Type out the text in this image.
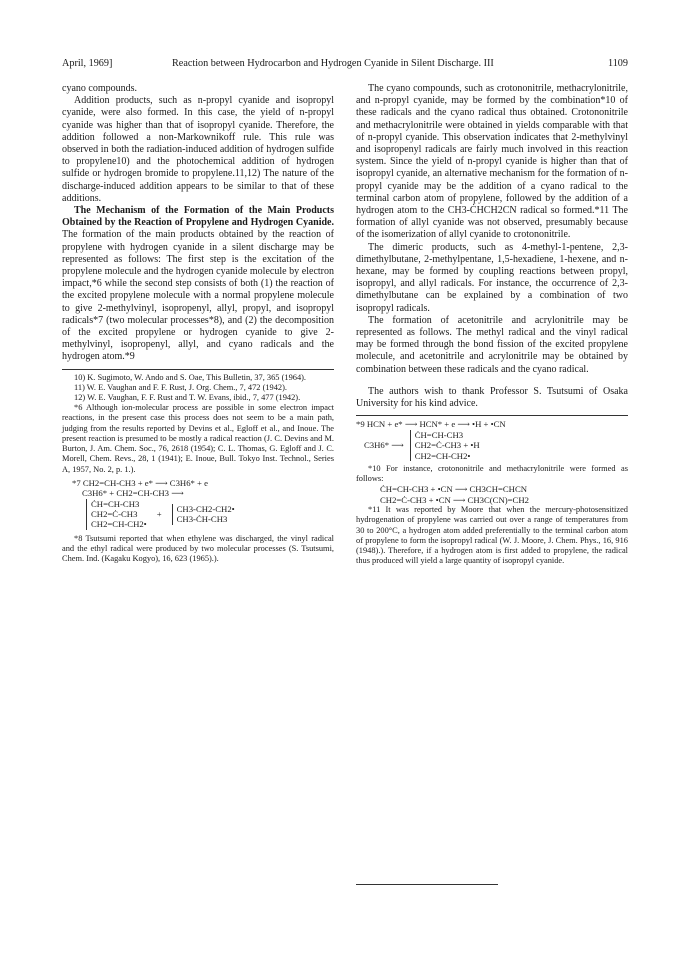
April, 1969]	Reaction between Hydrocarbon and Hydrogen Cyanide in Silent Discharge. III	1109

cyano compounds.

Addition products, such as n-propyl cyanide and isopropyl cyanide, were also formed. In this case, the yield of n-propyl cyanide was higher than that of isopropyl cyanide. Therefore, the addition followed a non-Markownikoff rule. This rule was observed in both the radiation-induced addition of hydrogen sulfide to propylene10) and the photochemical addition of hydrogen sulfide or hydrogen bromide to propylene.11,12) The nature of the discharge-induced addition appears to be similar to that of these additions.

The Mechanism of the Formation of the Main Products Obtained by the Reaction of Propylene and Hydrogen Cyanide. The formation of the main products obtained by the reaction of propylene with hydrogen cyanide in a silent discharge may be represented as follows: The first step is the excitation of the propylene molecule and the hydrogen cyanide molecule by electron impact,*6 while the second step consists of both (1) the reaction of the excited propylene molecule with a normal propylene molecule to give 2-methylvinyl, isopropenyl, allyl, propyl, and isopropyl radicals*7 (two molecular processes*8), and (2) the decomposition of the excited propylene or hydrogen cyanide to give 2-methylvinyl, isopropenyl, allyl, and cyano radicals and the hydrogen atom.*9

10) K. Sugimoto, W. Ando and S. Oae, This Bulletin, 37, 365 (1964).

11) W. E. Vaughan and F. F. Rust, J. Org. Chem., 7, 472 (1942).

12) W. E. Vaughan, F. F. Rust and T. W. Evans, ibid., 7, 477 (1942).

*6 Although ion-molecular process are possible in some electron impact reactions, in the present case this process does not seem to be a main path, judging from the results reported by Devins et al., Egloff et al., and Inoue. The present reaction is presumed to be mostly a radical reaction (J. C. Devins and M. Burton, J. Am. Chem. Soc., 76, 2618 (1954); C. L. Thomas, G. Egloff and J. C. Morell, Chem. Revs., 28, 1 (1941); E. Inoue, Bull. Tokyo Inst. Technol., Series A, 1957, No. 2, p. 1.).

*7 CH2=CH-CH3 + e* ⟶ C3H6* + e
C3H6* + CH2=CH-CH3 ⟶
ĊH=CH-CH3
CH2=Ċ-CH3
CH2=CH-CH2•
+
CH3-CH2-CH2•
CH3-ĊH-CH3

*8 Tsutsumi reported that when ethylene was discharged, the vinyl radical and the ethyl radical were produced by two molecular processes (S. Tsutsumi, Chem. Ind. (Kagaku Kogyo), 16, 623 (1965).).

The cyano compounds, such as crotononitrile, methacrylonitrile, and n-propyl cyanide, may be formed by the combination*10 of these radicals and the cyano radical thus obtained. Crotononitrile and methacrylonitrile were obtained in yields comparable with that of n-propyl cyanide. This observation indicates that 2-methylvinyl and isopropenyl radicals are fairly much involved in this reaction system. Since the yield of n-propyl cyanide is higher than that of isopropyl cyanide, an alternative mechanism for the formation of n-propyl cyanide may be the addition of a cyano radical to the terminal carbon atom of propylene, followed by the addition of a hydrogen atom to the CH3-ĊHCH2CN radical so formed.*11 The formation of allyl cyanide was not observed, presumably because of the isomerization of allyl cyanide to crotononitrile.

The dimeric products, such as 4-methyl-1-pentene, 2,3-dimethylbutane, 2-methylpentane, 1,5-hexadiene, 1-hexene, and n-hexane, may be formed by coupling reactions between propyl, isopropyl, and allyl radicals. For instance, the occurrence of 2,3-dimethylbutane can be explained by a combination of two isopropyl radicals.

The formation of acetonitrile and acrylonitrile may be represented as follows. The methyl radical and the vinyl radical may be formed through the bond fission of the excited propylene molecule, and acetonitrile and acrylonitrile may be obtained by combination between these radicals and the cyano radical.

The authors wish to thank Professor S. Tsutsumi of Osaka University for his kind advice.

*9 HCN + e* ⟶ HCN* + e ⟶ •H + •CN
C3H6* ⟶
ĊH=CH-CH3
CH2=Ċ-CH3 + •H
CH2=CH-CH2•

*10 For instance, crotononitrile and methacrylonitrile were formed as follows:

ĊH=CH-CH3 + •CN ⟶ CH3CH=CHCN
CH2=Ċ-CH3 + •CN ⟶ CH3C(CN)=CH2

*11 It was reported by Moore that when the mercury-photosensitized hydrogenation of propylene was carried out over a range of temperatures from 30 to 200°C, a hydrogen atom added preferentially to the terminal carbon atom of propylene to form the isopropyl radical (W. J. Moore, J. Chem. Phys., 16, 916 (1948).). Therefore, if a hydrogen atom is first added to propylene, the radical thus produced will yield a large quantity of isopropyl cyanide.
